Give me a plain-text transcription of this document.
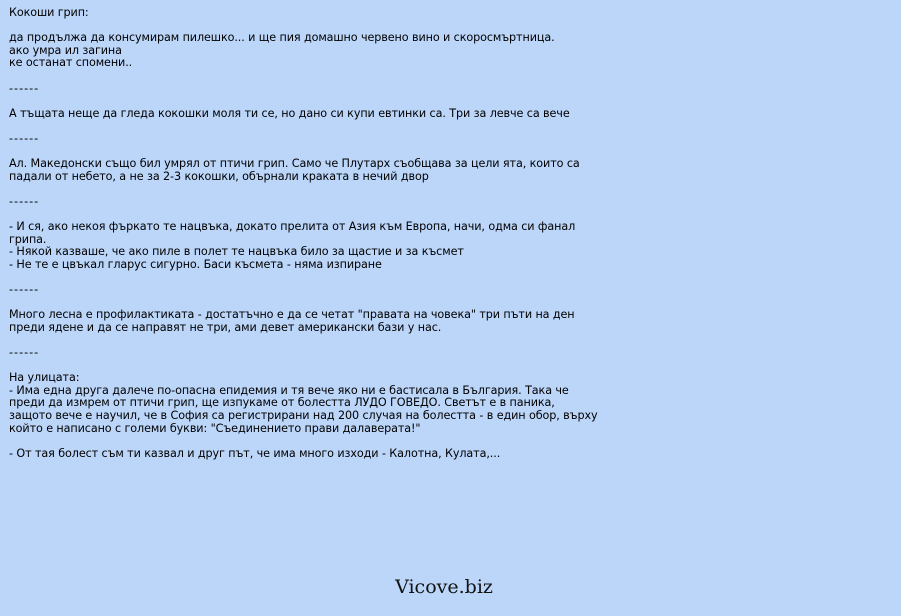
Кокоши грип:
да продължа да консумирам пилешко... и ще пия домашно червено вино и скоросмъртница.
ако умра ил загина
ке останат спомени..
------
А тъщата неще да гледа кокошки моля ти се, но дано си купи евтинки са. Три за левче са вече
------
Ал. Македонски също бил умрял от птичи грип. Само че Плутарх съобщава за цели ята, които са падали от небето, а не за 2-3 кокошки, обърнали краката в нечий двор
------
- И ся, ако некоя фъркато те нацвъка, докато прелита от Азия към Европа, начи, одма си фанал грипа.
- Някой казваше, че ако пиле в полет те нацвъка било за щастие и за късмет
- Не те е цвъкал гларус сигурно. Баси късмета - няма изпиране
------
Много лесна е профилактиката - достатъчно е да се четат "правата на човека" три пъти на ден преди ядене и да се направят не три, ами девет американски бази у нас.
------
На улицата:
- Има една друга далече по-опасна епидемия и тя вече яко ни е бастисала в България. Така че преди да измрем от птичи грип, ще изпукаме от болестта ЛУДО ГОВЕДО. Светът е в паника, защото вече е научил, че в София са регистрирани над 200 случая на болестта - в един обор, върху който е написано с големи букви: "Съединението прави далаверата!"
- От тая болест съм ти казвал и друг път, че има много изходи - Калотна, Кулата,...
Vicove.biz
